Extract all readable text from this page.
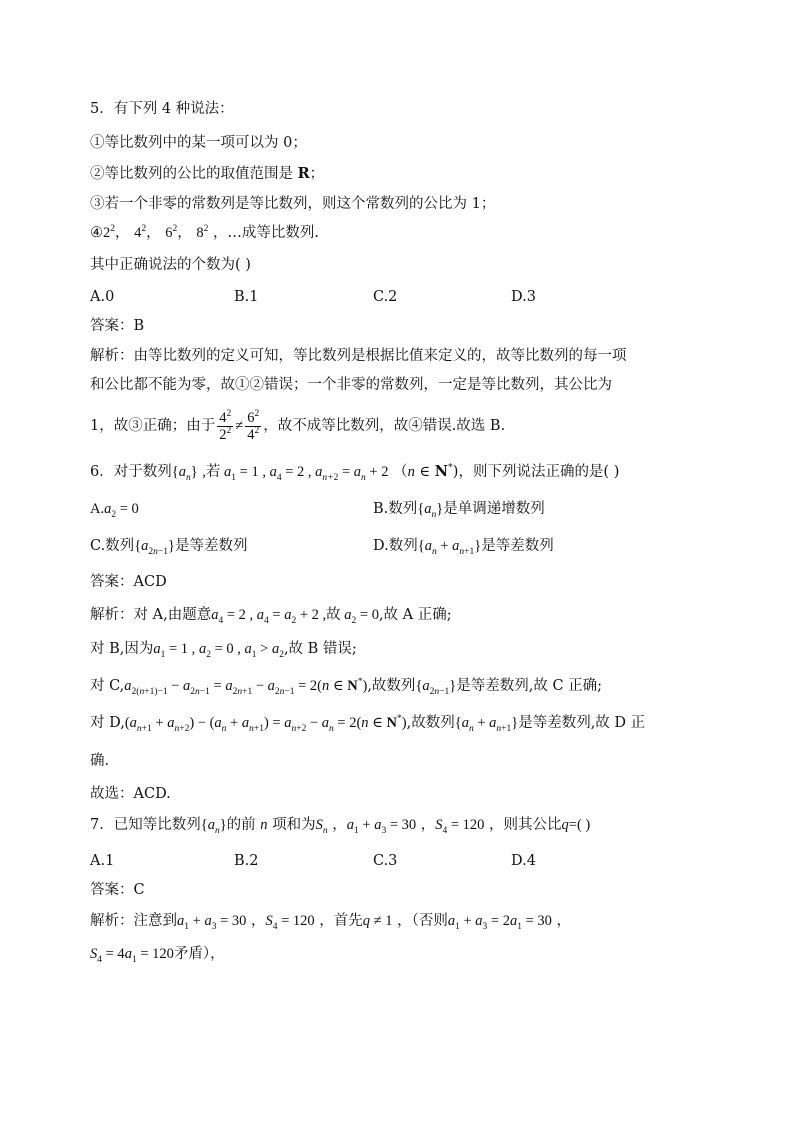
5．有下列 4 种说法：
①等比数列中的某一项可以为 0；
②等比数列的公比的取值范围是 R；
③若一个非零的常数列是等比数列，则这个常数列的公比为 1；
$④2^2$， $4^2$， $6^2$， $8^2$ ，…成等比数列.
其中正确说法的个数为( )
A.0	B.1	C.2	D.3
答案：B
解析：由等比数列的定义可知，等比数列是根据比值来定义的，故等比数列的每一项
和公比都不能为零，故①②错误；一个非零的常数列，一定是等比数列，其公比为
1，故③正确；由于 $\frac{4^2}{2^2} \ne \frac{6^2}{4^2}$ ，故不成等比数列，故④错误.故选 B.
6．对于数列$\{a_n\}$ ,若 $a_1 = 1$ , $a_4 = 2$ , $a_{n+2} = a_n + 2$ （n ∈ N*)，则下列说法正确的是( )
$A.a_2 = 0$	B.数列$\{a_n\}$是单调递增数列
C.数列$\{a_{2n-1}\}$是等差数列	D.数列$\{a_n + a_{n+1}\}$是等差数列
答案：ACD
解析：对 A,由题意$a_4 = 2$ , $a_4 = a_2 + 2$ ,故 $a_2 = 0$,故 A 正确;
对 B,因为$a_1 = 1$ , $a_2 = 0$ , $a_1 > a_2$,故 B 错误;
对 $C,a_{2(n+1)-1} - a_{2n-1} = a_{2n+1} - a_{2n-1} = 2(n$ ∈ N*),故数列$\{a_{2n-1}\}$是等差数列,故 C 正确;
对 $D,(a_{n+1} + a_{n+2}) - (a_n + a_{n+1}) = a_{n+2} - a_n = 2(n$ ∈ N*),故数列$\{a_n + a_{n+1}\}$是等差数列,故 D 正
确.
故选：ACD.
7．已知等比数列$\{a_n\}$的前 n 项和为$S_n$ ，$a_1 + a_3 = 30$ ，$S_4 = 120$ ，则其公比q=( )
A.1	B.2	C.3	D.4
答案：C
解析：注意到$a_1 + a_3 = 30$ ，$S_4 = 120$ ，首先q ≠ 1 ，（否则$a_1 + a_3 = 2a_1 = 30$ ，
$S_4 = 4a_1 = 120$矛盾），
